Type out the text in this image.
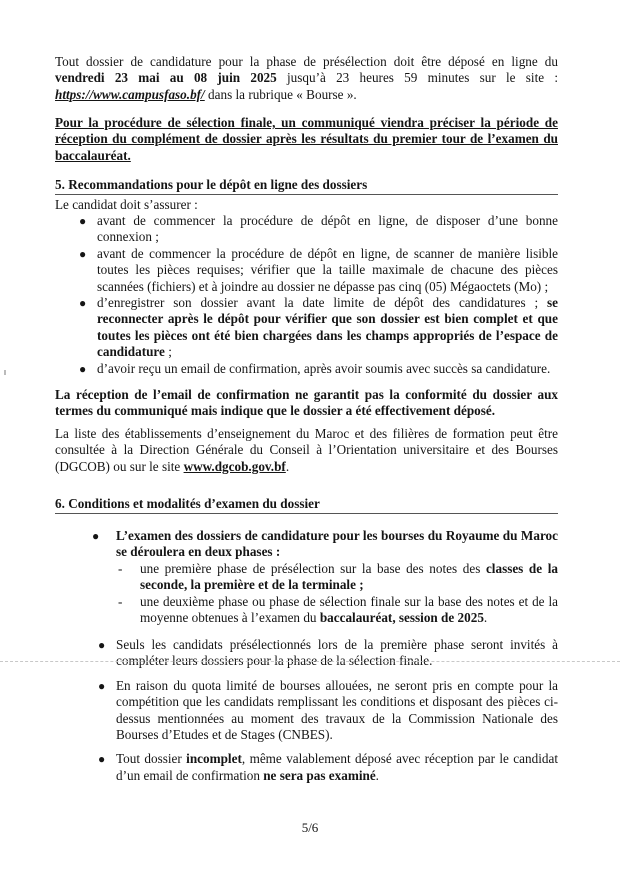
Tout dossier de candidature pour la phase de présélection doit être déposé en ligne du vendredi 23 mai au 08 juin 2025 jusqu’à 23 heures 59 minutes sur le site : https://www.campusfaso.bf/ dans la rubrique « Bourse ».

Pour la procédure de sélection finale, un communiqué viendra préciser la période de réception du complément de dossier après les résultats du premier tour de l’examen du baccalauréat.

5. Recommandations pour le dépôt en ligne des dossiers

Le candidat doit s’assurer :

● avant de commencer la procédure de dépôt en ligne, de disposer d’une bonne connexion ;
● avant de commencer la procédure de dépôt en ligne, de scanner de manière lisible toutes les pièces requises; vérifier que la taille maximale de chacune des pièces scannées (fichiers) et à joindre au dossier ne dépasse pas cinq (05) Mégaoctets (Mo) ;
● d’enregistrer son dossier avant la date limite de dépôt des candidatures ; se reconnecter après le dépôt pour vérifier que son dossier est bien complet et que toutes les pièces ont été bien chargées dans les champs appropriés de l’espace de candidature ;
● d’avoir reçu un email de confirmation, après avoir soumis avec succès sa candidature.

La réception de l’email de confirmation ne garantit pas la conformité du dossier aux termes du communiqué mais indique que le dossier a été effectivement déposé.

La liste des établissements d’enseignement du Maroc et des filières de formation peut être consultée à la Direction Générale du Conseil à l’Orientation universitaire et des Bourses (DGCOB) ou sur le site www.dgcob.gov.bf.

6. Conditions et modalités d’examen du dossier
● L’examen des dossiers de candidature pour les bourses du Royaume du Maroc se déroulera en deux phases :
- une première phase de présélection sur la base des notes des classes de la seconde, la première et de la terminale ;
- une deuxième phase ou phase de sélection finale sur la base des notes et de la moyenne obtenues à l’examen du baccalauréat, session de 2025.
● Seuls les candidats présélectionnés lors de la première phase seront invités à compléter leurs dossiers pour la phase de la sélection finale.
● En raison du quota limité de bourses allouées, ne seront pris en compte pour la compétition que les candidats remplissant les conditions et disposant des pièces ci-dessus mentionnées au moment des travaux de la Commission Nationale des Bourses d’Etudes et de Stages (CNBES).
● Tout dossier incomplet, même valablement déposé avec réception par le candidat d’un email de confirmation ne sera pas examiné.
5/6
